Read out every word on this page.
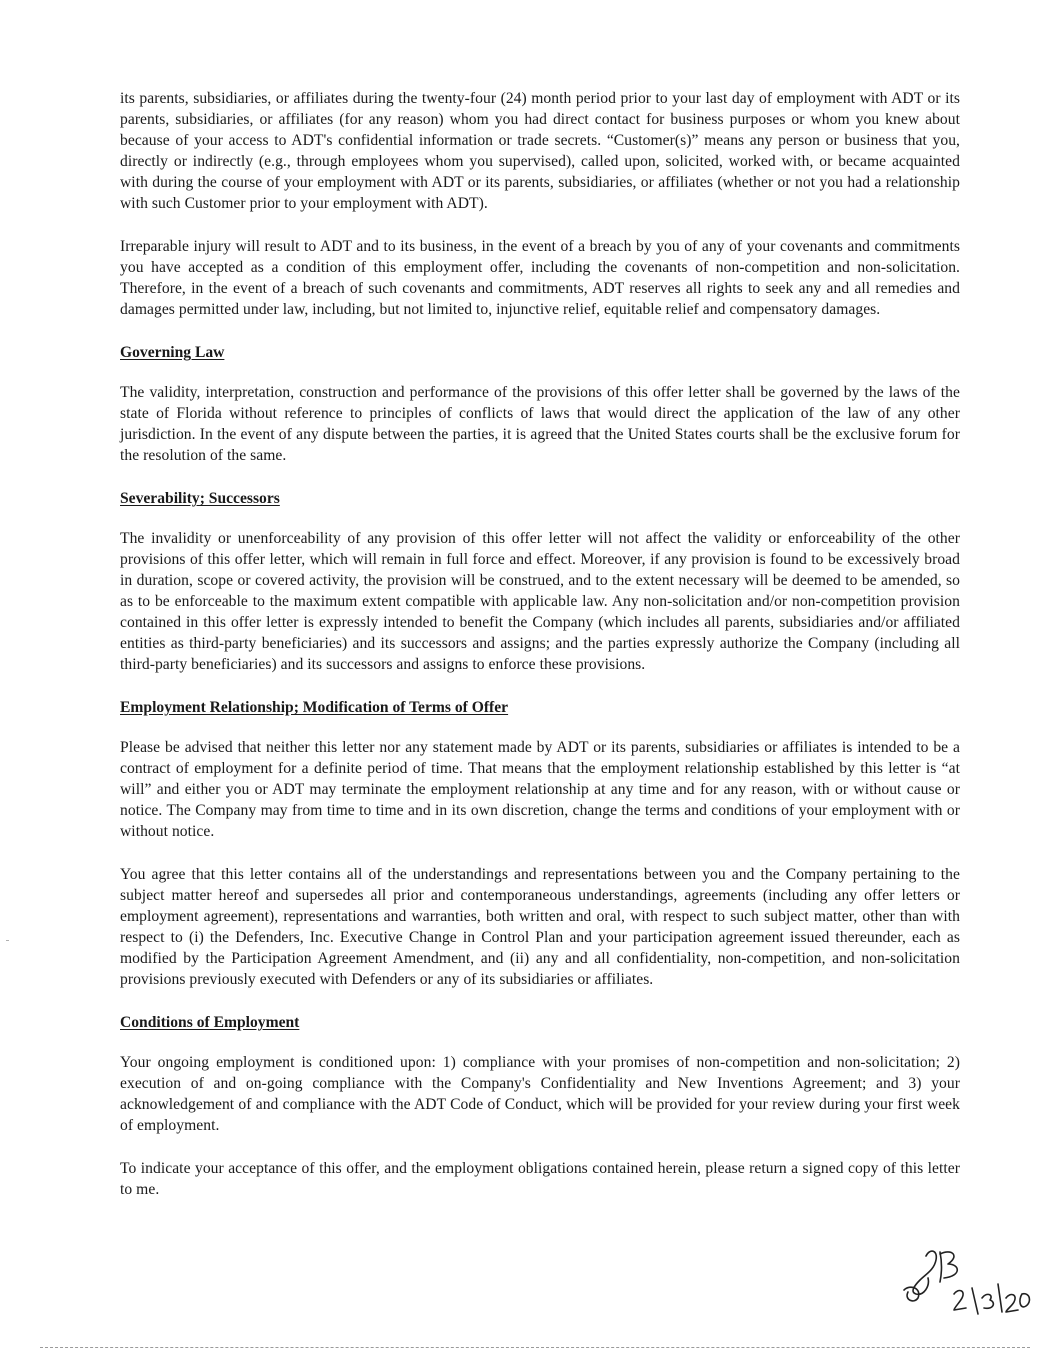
its parents, subsidiaries, or affiliates during the twenty-four (24) month period prior to your last day of employment with ADT or its parents, subsidiaries, or affiliates (for any reason) whom you had direct contact for business purposes or whom you knew about because of your access to ADT's confidential information or trade secrets. “Customer(s)” means any person or business that you, directly or indirectly (e.g., through employees whom you supervised), called upon, solicited, worked with, or became acquainted with during the course of your employment with ADT or its parents, subsidiaries, or affiliates (whether or not you had a relationship with such Customer prior to your employment with ADT).

Irreparable injury will result to ADT and to its business, in the event of a breach by you of any of your covenants and commitments you have accepted as a condition of this employment offer, including the covenants of non-competition and non-solicitation. Therefore, in the event of a breach of such covenants and commitments, ADT reserves all rights to seek any and all remedies and damages permitted under law, including, but not limited to, injunctive relief, equitable relief and compensatory damages.

Governing Law

The validity, interpretation, construction and performance of the provisions of this offer letter shall be governed by the laws of the state of Florida without reference to principles of conflicts of laws that would direct the application of the law of any other jurisdiction. In the event of any dispute between the parties, it is agreed that the United States courts shall be the exclusive forum for the resolution of the same.

Severability; Successors

The invalidity or unenforceability of any provision of this offer letter will not affect the validity or enforceability of the other provisions of this offer letter, which will remain in full force and effect. Moreover, if any provision is found to be excessively broad in duration, scope or covered activity, the provision will be construed, and to the extent necessary will be deemed to be amended, so as to be enforceable to the maximum extent compatible with applicable law. Any non-solicitation and/or non-competition provision contained in this offer letter is expressly intended to benefit the Company (which includes all parents, subsidiaries and/or affiliated entities as third-party beneficiaries) and its successors and assigns; and the parties expressly authorize the Company (including all third-party beneficiaries) and its successors and assigns to enforce these provisions.

Employment Relationship; Modification of Terms of Offer

Please be advised that neither this letter nor any statement made by ADT or its parents, subsidiaries or affiliates is intended to be a contract of employment for a definite period of time. That means that the employment relationship established by this letter is “at will” and either you or ADT may terminate the employment relationship at any time and for any reason, with or without cause or notice. The Company may from time to time and in its own discretion, change the terms and conditions of your employment with or without notice.

You agree that this letter contains all of the understandings and representations between you and the Company pertaining to the subject matter hereof and supersedes all prior and contemporaneous understandings, agreements (including any offer letters or employment agreement), representations and warranties, both written and oral, with respect to such subject matter, other than with respect to (i) the Defenders, Inc. Executive Change in Control Plan and your participation agreement issued thereunder, each as modified by the Participation Agreement Amendment, and (ii) any and all confidentiality, non-competition, and non-solicitation provisions previously executed with Defenders or any of its subsidiaries or affiliates.

Conditions of Employment

Your ongoing employment is conditioned upon: 1) compliance with your promises of non-competition and non-solicitation; 2) execution of and on-going compliance with the Company's Confidentiality and New Inventions Agreement; and 3) your acknowledgement of and compliance with the ADT Code of Conduct, which will be provided for your review during your first week of employment.

To indicate your acceptance of this offer, and the employment obligations contained herein, please return a signed copy of this letter to me.
